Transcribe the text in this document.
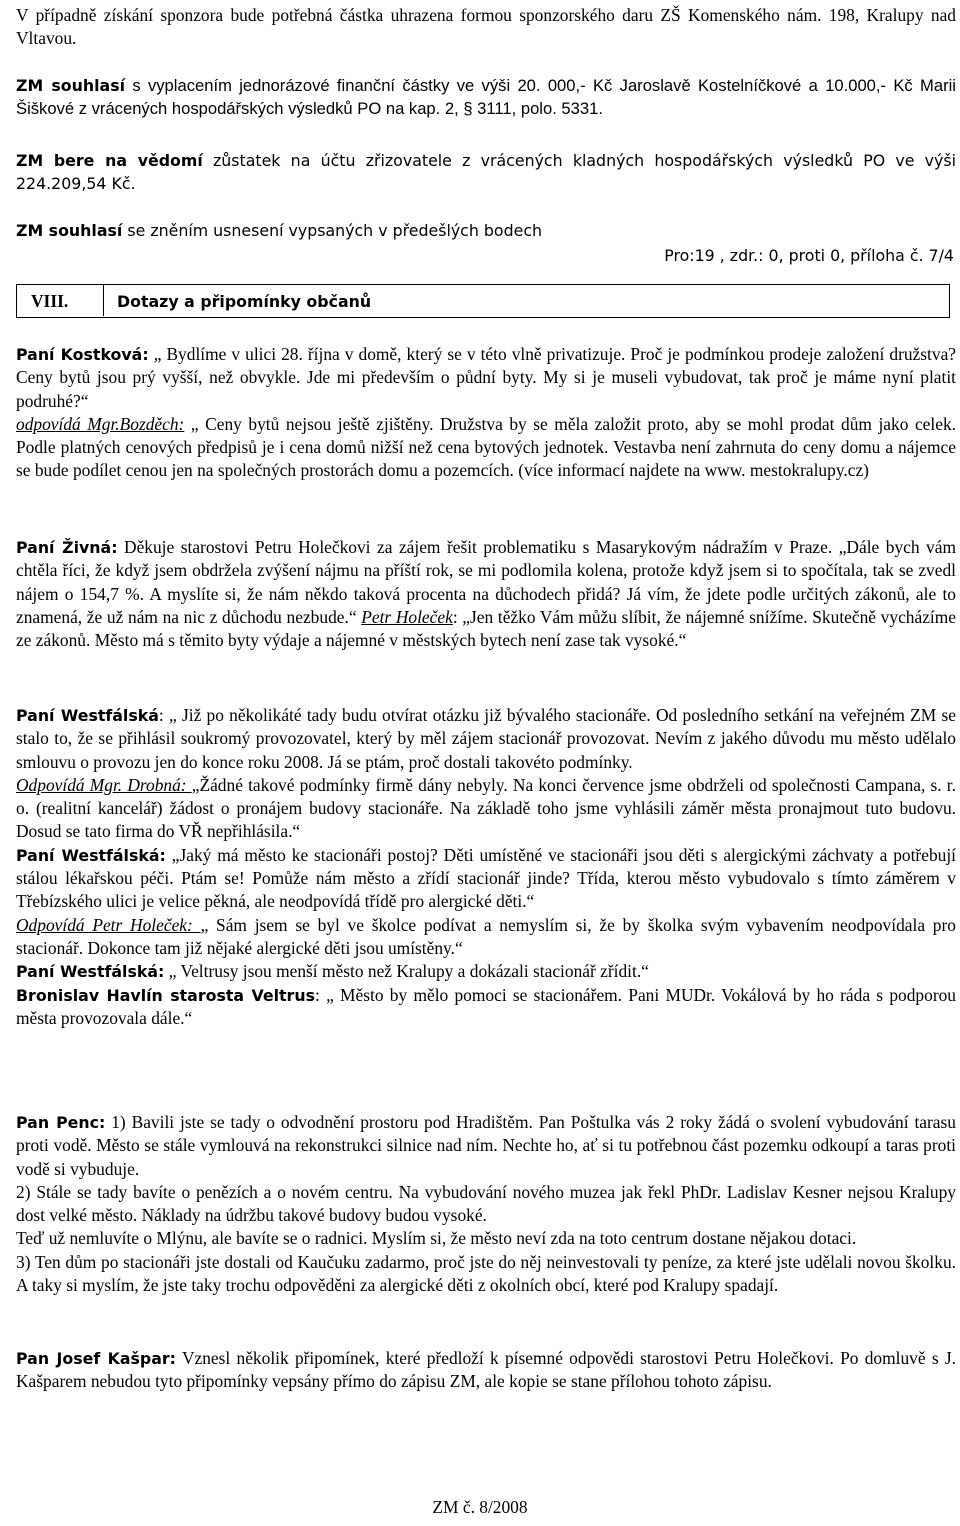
V případně získání sponzora bude potřebná částka uhrazena formou sponzorského daru ZŠ Komenského nám. 198, Kralupy nad Vltavou.

ZM souhlasí s vyplacením jednorázové finanční částky ve výši 20. 000,- Kč Jaroslavě Kostelníčkové a 10.000,- Kč Marii Šiškové z vrácených hospodářských výsledků PO na kap. 2, § 3111, polo. 5331.

ZM bere na vědomí zůstatek na účtu zřizovatele z vrácených kladných hospodářských výsledků PO ve výši 224.209,54 Kč.

ZM souhlasí se zněním usnesení vypsaných v předešlých bodech

Pro:19 , zdr.: 0, proti 0, příloha č. 7/4
VIII.	Dotazy a připomínky občanů

Paní Kostková: „ Bydlíme v ulici 28. října v domě, který se v této vlně privatizuje. Proč je podmínkou prodeje založení družstva? Ceny bytů jsou prý vyšší, než obvykle. Jde mi především o půdní byty. My si je museli vybudovat, tak proč je máme nyní platit podruhé?“
odpovídá Mgr.Bozděch: „ Ceny bytů nejsou ještě zjištěny. Družstva by se měla založit proto, aby se mohl prodat dům jako celek. Podle platných cenových předpisů je i cena domů nižší než cena bytových jednotek. Vestavba není zahrnuta do ceny domu a nájemce se bude podílet cenou jen na společných prostorách domu a pozemcích. (více informací najdete na www. mestokralupy.cz)

Paní Živná: Děkuje starostovi Petru Holečkovi za zájem řešit problematiku s Masarykovým nádražím v Praze. „Dále bych vám chtěla říci, že když jsem obdržela zvýšení nájmu na příští rok, se mi podlomila kolena, protože když jsem si to spočítala, tak se zvedl nájem o 154,7 %. A myslíte si, že nám někdo taková procenta na důchodech přidá? Já vím, že jdete podle určitých zákonů, ale to znamená, že už nám na nic z důchodu nezbude.“ Petr Holeček: „Jen těžko Vám můžu slíbit, že nájemné snížíme. Skutečně vycházíme ze zákonů. Město má s těmito byty výdaje a nájemné v městských bytech není zase tak vysoké.“

Paní Westfálská: „ Již po několikáté tady budu otvírat otázku již bývalého stacionáře. Od posledního setkání na veřejném ZM se stalo to, že se přihlásil soukromý provozovatel, který by měl zájem stacionář provozovat. Nevím z jakého důvodu mu město udělalo smlouvu o provozu jen do konce roku 2008. Já se ptám, proč dostali takovéto podmínky.
Odpovídá Mgr. Drobná: „Žádné takové podmínky firmě dány nebyly. Na konci července jsme obdrželi od společnosti Campana, s. r. o. (realitní kancelář) žádost o pronájem budovy stacionáře. Na základě toho jsme vyhlásili záměr města pronajmout tuto budovu. Dosud se tato firma do VŘ nepřihlásila.“
Paní Westfálská: „Jaký má město ke stacionáři postoj? Děti umístěné ve stacionáři jsou děti s alergickými záchvaty a potřebují stálou lékařskou péči. Ptám se! Pomůže nám město a zřídí stacionář jinde? Třída, kterou město vybudovalo s tímto záměrem v Třebízského ulici je velice pěkná, ale neodpovídá třídě pro alergické děti.“
Odpovídá Petr Holeček: „ Sám jsem se byl ve školce podívat a nemyslím si, že by školka svým vybavením neodpovídala pro stacionář. Dokonce tam již nějaké alergické děti jsou umístěny.“
Paní Westfálská: „ Veltrusy jsou menší město než Kralupy a dokázali stacionář zřídit.“
Bronislav Havlín starosta Veltrus: „ Město by mělo pomoci se stacionářem. Pani MUDr. Vokálová by ho ráda s podporou města provozovala dále.“

Pan Penc: 1) Bavili jste se tady o odvodnění prostoru pod Hradištěm. Pan Poštulka vás 2 roky žádá o svolení vybudování tarasu proti vodě. Město se stále vymlouvá na rekonstrukci silnice nad ním. Nechte ho, ať si tu potřebnou část pozemku odkoupí a taras proti vodě si vybuduje.
2) Stále se tady bavíte o penězích a o novém centru. Na vybudování nového muzea jak řekl PhDr. Ladislav Kesner nejsou Kralupy dost velké město. Náklady na údržbu takové budovy budou vysoké.
Teď už nemluvíte o Mlýnu, ale bavíte se o radnici. Myslím si, že město neví zda na toto centrum dostane nějakou dotaci.
3) Ten dům po stacionáři jste dostali od Kaučuku zadarmo, proč jste do něj neinvestovali ty peníze, za které jste udělali novou školku. A taky si myslím, že jste taky trochu odpověděni za alergické děti z okolních obcí, které pod Kralupy spadají.

Pan Josef Kašpar: Vznesl několik připomínek, které předloží k písemné odpovědi starostovi Petru Holečkovi. Po domluvě s J. Kašparem nebudou tyto připomínky vepsány přímo do zápisu ZM, ale kopie se stane přílohou tohoto zápisu.

ZM č. 8/2008
